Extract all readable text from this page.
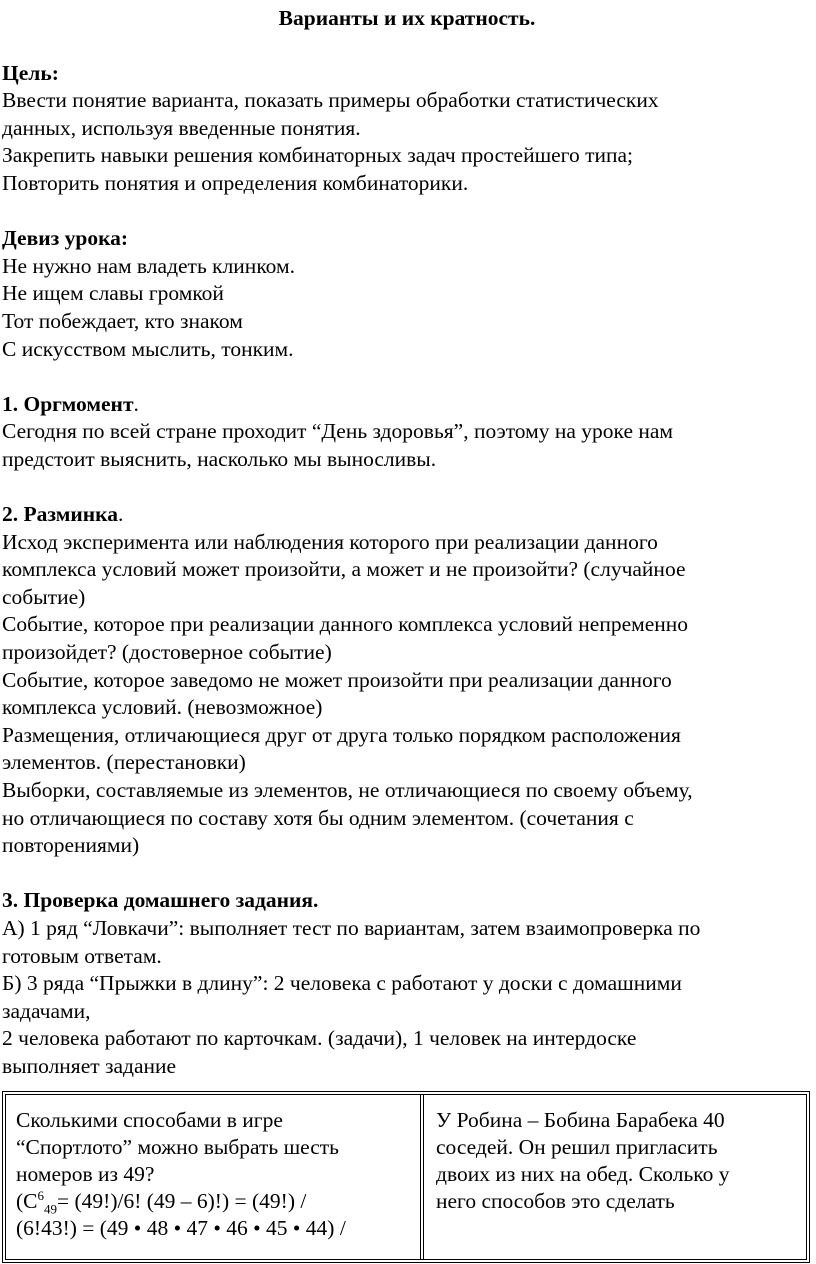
Варианты и их кратность.

Цель:

Ввести понятие варианта, показать примеры обработки статистических

данных, используя введенные понятия.

Закрепить навыки решения комбинаторных задач простейшего типа;

Повторить понятия и определения комбинаторики.

Девиз урока:

Не нужно нам владеть клинком.

Не ищем славы громкой

Тот побеждает, кто знаком

С искусством мыслить, тонким.

1. Оргмомент.

Сегодня по всей стране проходит “День здоровья”, поэтому на уроке нам

предстоит выяснить, насколько мы выносливы.

2. Разминка.

Исход эксперимента или наблюдения которого при реализации данного

комплекса условий может произойти, а может и не произойти? (случайное

событие)

Событие, которое при реализации данного комплекса условий непременно

произойдет? (достоверное событие)

Событие, которое заведомо не может произойти при реализации данного

комплекса условий. (невозможное)

Размещения, отличающиеся друг от друга только порядком расположения

элементов. (перестановки)

Выборки, составляемые из элементов, не отличающиеся по своему объему,

но отличающиеся по составу хотя бы одним элементом. (сочетания с

повторениями)

3. Проверка домашнего задания.

А) 1 ряд “Ловкачи”: выполняет тест по вариантам, затем взаимопроверка по

готовым ответам.

Б) 3 ряда “Прыжки в длину”: 2 человека с работают у доски с домашними

задачами,

2 человека работают по карточкам. (задачи), 1 человек на интердоске

выполняет задание

Сколькими способами в игре

“Спортлото” можно выбрать шесть

номеров из 49?

($С^6_{49}= (49!)/6$! (49 – 6)!) = (49!) /

(6!43!) = (49 • 48 • 47 • 46 • 45 • 44) /

У Робина – Бобина Барабека 40

соседей. Он решил пригласить

двоих из них на обед. Сколько у

него способов это сделать
